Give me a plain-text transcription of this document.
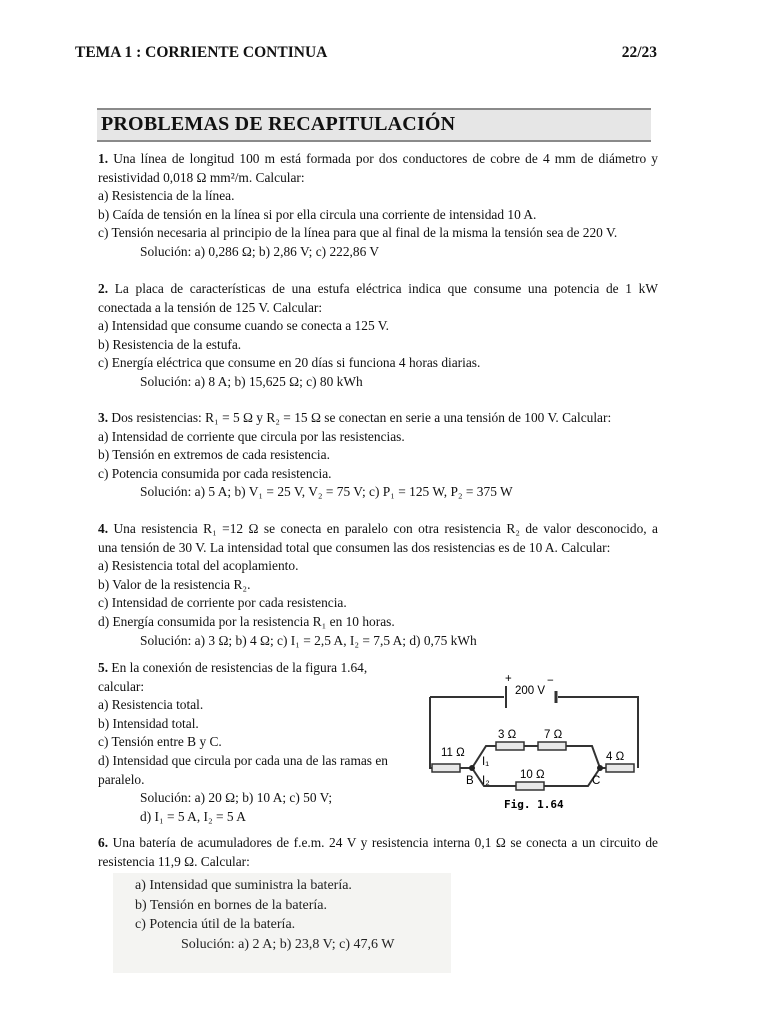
TEMA 1 : CORRIENTE CONTINUA	22/23
PROBLEMAS DE RECAPITULACIÓN

1. Una línea de longitud 100 m está formada por dos conductores de cobre de 4 mm de diámetro y

resistividad 0,018 Ω mm²/m. Calcular:

a) Resistencia de la línea.

b) Caída de tensión en la línea si por ella circula una corriente de intensidad 10 A.

c) Tensión necesaria al principio de la línea para que al final de la misma la tensión sea de 220 V.

Solución: a) 0,286 Ω; b) 2,86 V; c) 222,86 V

2. La placa de características de una estufa eléctrica indica que consume una potencia de 1 kW

conectada a la tensión de 125 V. Calcular:

a) Intensidad que consume cuando se conecta a 125 V.

b) Resistencia de la estufa.

c) Energía eléctrica que consume en 20 días si funciona 4 horas diarias.

Solución: a) 8 A; b) 15,625 Ω; c) 80 kWh

3. Dos resistencias: R₁ = 5 Ω y R₂ = 15 Ω se conectan en serie a una tensión de 100 V. Calcular:

a) Intensidad de corriente que circula por las resistencias.

b) Tensión en extremos de cada resistencia.

c) Potencia consumida por cada resistencia.

Solución: a) 5 A; b) V₁ = 25 V, V₂ = 75 V; c) P₁ = 125 W, P₂ = 375 W

4. Una resistencia R₁ =12 Ω se conecta en paralelo con otra resistencia R₂ de valor desconocido, a

una tensión de 30 V. La intensidad total que consumen las dos resistencias es de 10 A. Calcular:

a) Resistencia total del acoplamiento.

b) Valor de la resistencia R₂.

c) Intensidad de corriente por cada resistencia.

d) Energía consumida por la resistencia R₁ en 10 horas.

Solución: a) 3 Ω; b) 4 Ω; c) I₁ = 2,5 A, I₂ = 7,5 A; d) 0,75 kWh

5. En la conexión de resistencias de la figura 1.64,

calcular:

a) Resistencia total.

b) Intensidad total.

c) Tensión entre B y C.

d) Intensidad que circula por cada una de las ramas en

paralelo.

Solución: a) 20 Ω; b) 10 A; c) 50 V;

d) I₁ = 5 A, I₂ = 5 A

+	−
200 V
11 Ω
3 Ω 7 Ω
10 Ω
4 Ω
B	C
I₁
I₂
Fig. 1.64

6. Una batería de acumuladores de f.e.m. 24 V y resistencia interna 0,1 Ω se conecta a un circuito de

resistencia 11,9 Ω. Calcular:

a) Intensidad que suministra la batería.

b) Tensión en bornes de la batería.

c) Potencia útil de la batería.

Solución: a) 2 A; b) 23,8 V; c) 47,6 W
